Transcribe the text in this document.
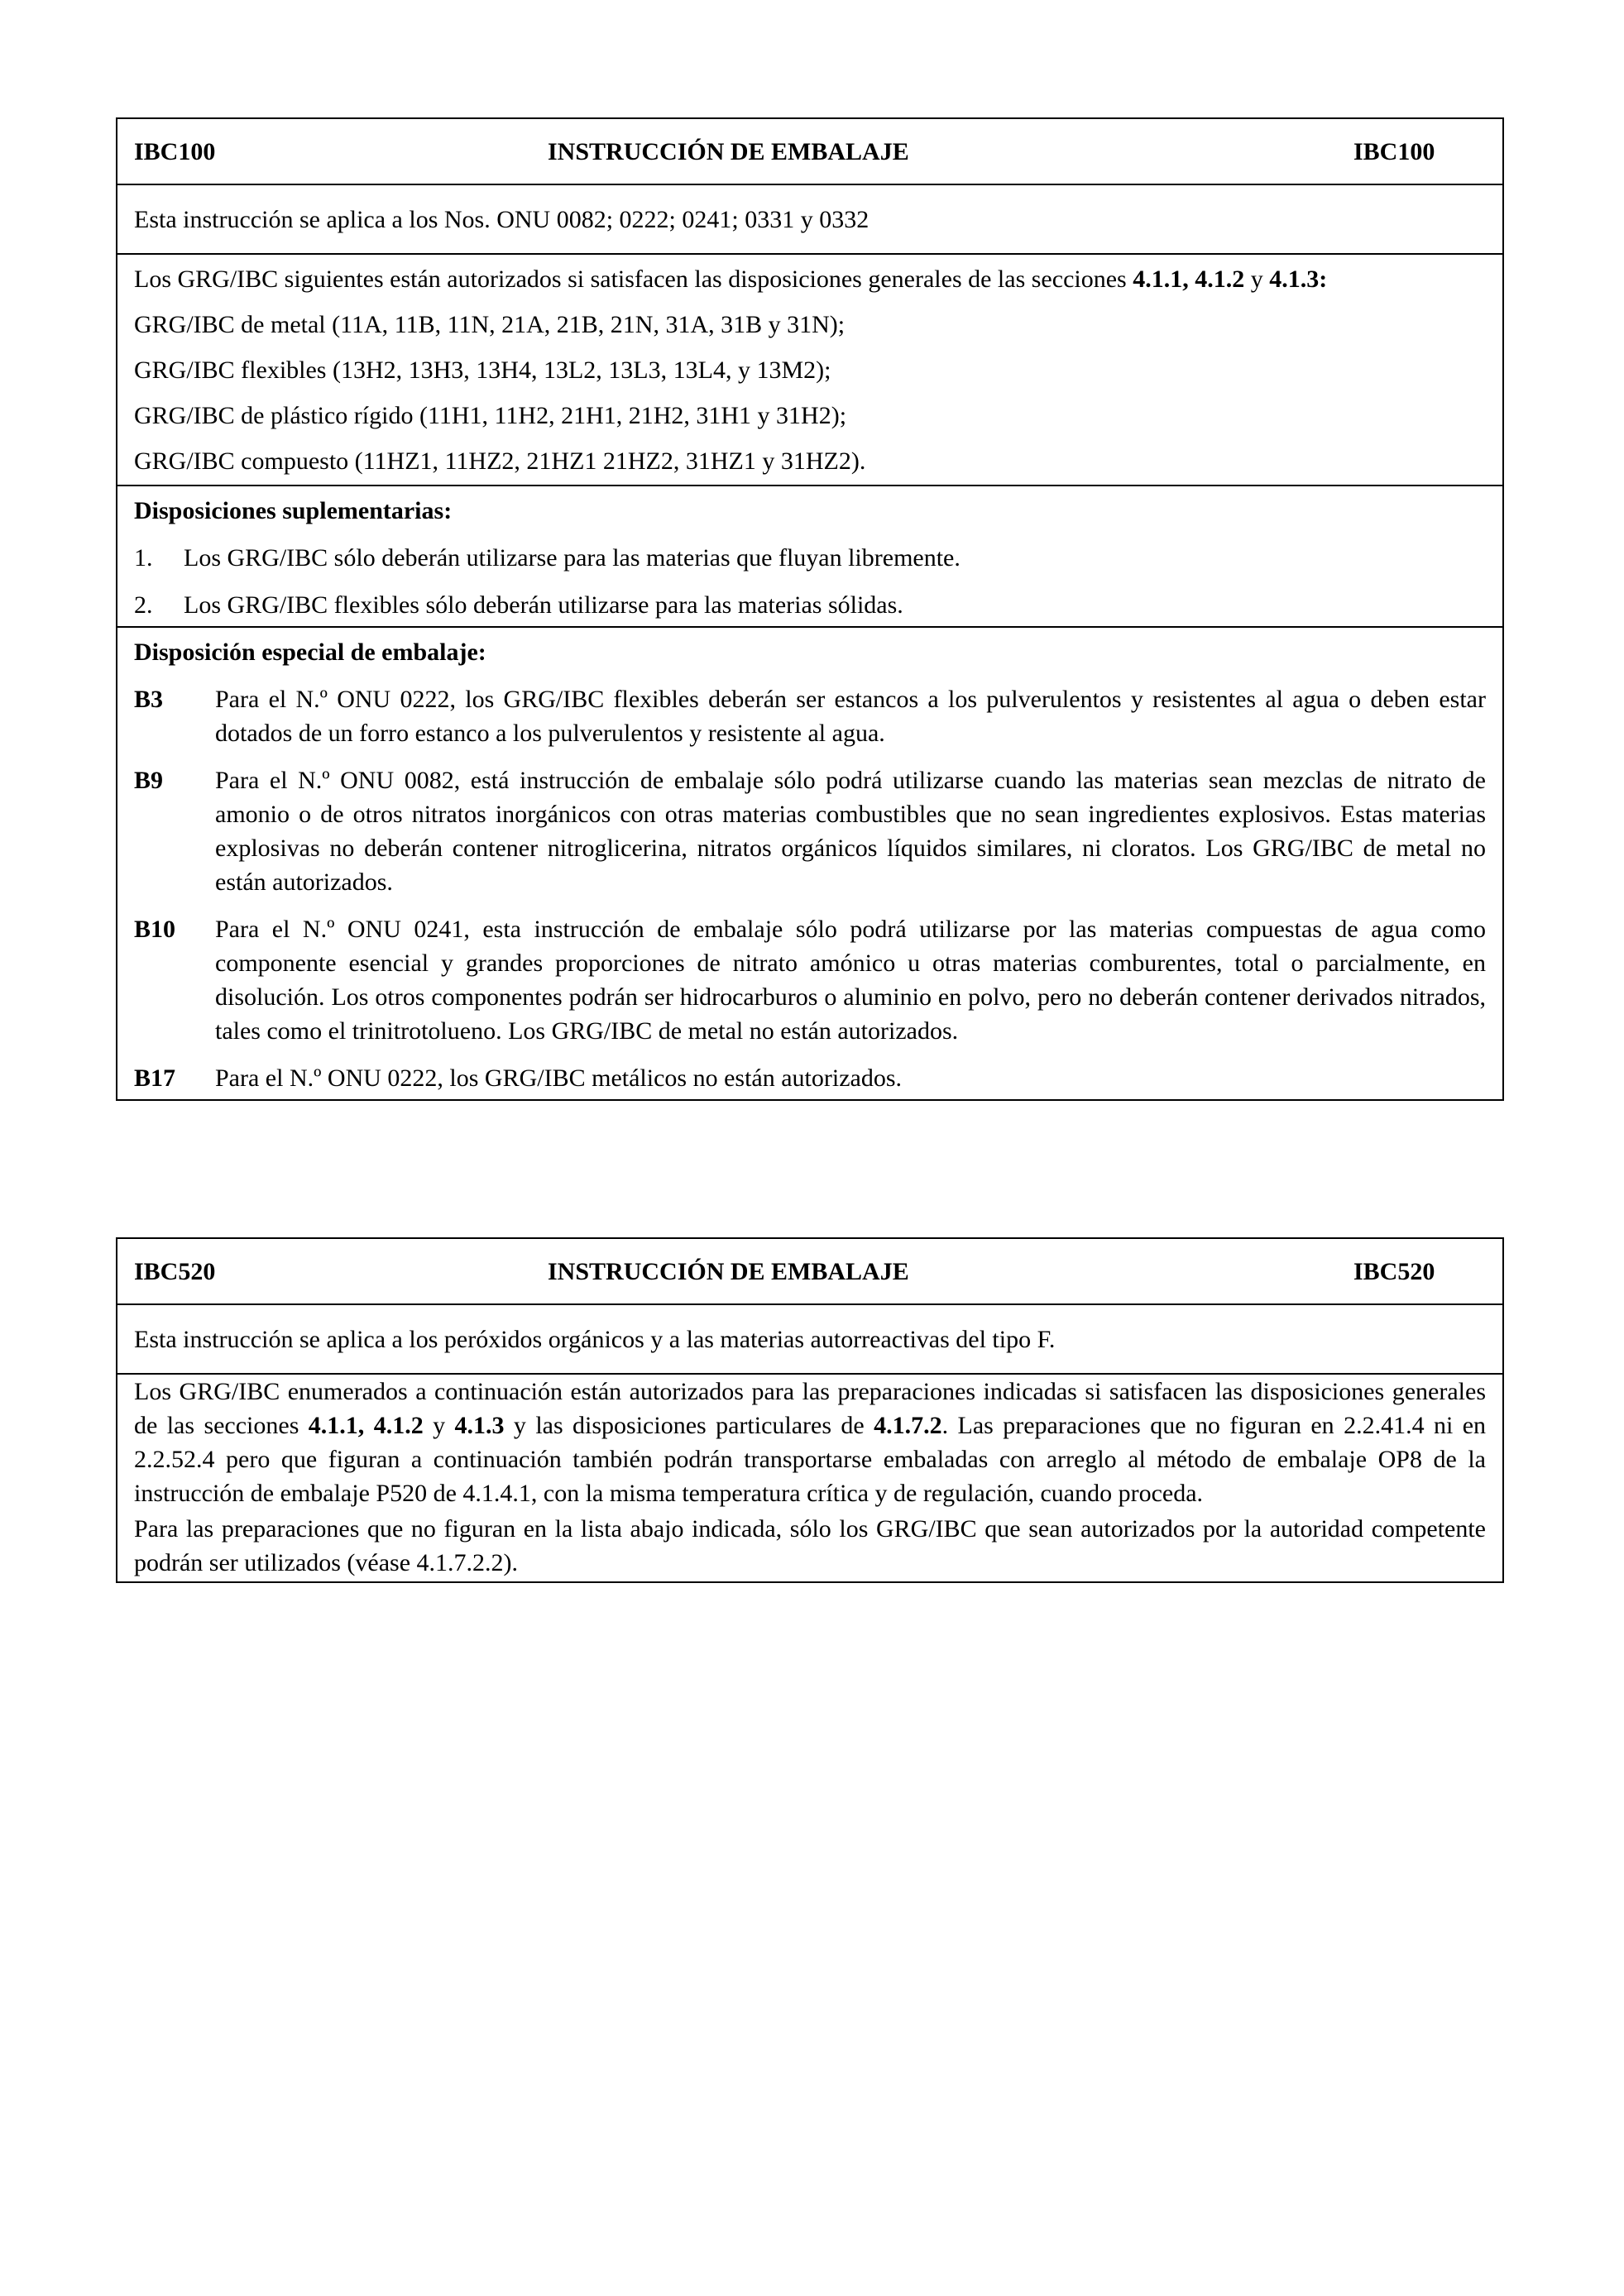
IBC100	INSTRUCCIÓN DE EMBALAJE	IBC100
Esta instrucción se aplica a los Nos. ONU 0082; 0222; 0241; 0331 y 0332
Los GRG/IBC siguientes están autorizados si satisfacen las disposiciones generales de las secciones 4.1.1, 4.1.2 y 4.1.3:
GRG/IBC de metal (11A, 11B, 11N, 21A, 21B, 21N, 31A, 31B y 31N);
GRG/IBC flexibles (13H2, 13H3, 13H4, 13L2, 13L3, 13L4, y 13M2);
GRG/IBC de plástico rígido (11H1, 11H2, 21H1, 21H2, 31H1 y 31H2);
GRG/IBC compuesto (11HZ1, 11HZ2, 21HZ1 21HZ2, 31HZ1 y 31HZ2).
Disposiciones suplementarias:
1.	Los GRG/IBC sólo deberán utilizarse para las materias que fluyan libremente.
2.	Los GRG/IBC flexibles sólo deberán utilizarse para las materias sólidas.
Disposición especial de embalaje:
B3	Para el N.º ONU 0222, los GRG/IBC flexibles deberán ser estancos a los pulverulentos y resistentes al agua o deben estar dotados de un forro estanco a los pulverulentos y resistente al agua.
B9	Para el N.º ONU 0082, está instrucción de embalaje sólo podrá utilizarse cuando las materias sean mezclas de nitrato de amonio o de otros nitratos inorgánicos con otras materias combustibles que no sean ingredientes explosivos. Estas materias explosivas no deberán contener nitroglicerina, nitratos orgánicos líquidos similares, ni cloratos. Los GRG/IBC de metal no están autorizados.
B10	Para el N.º ONU 0241, esta instrucción de embalaje sólo podrá utilizarse por las materias compuestas de agua como componente esencial y grandes proporciones de nitrato amónico u otras materias comburentes, total o parcialmente, en disolución. Los otros componentes podrán ser hidrocarburos o aluminio en polvo, pero no deberán contener derivados nitrados, tales como el trinitrotolueno. Los GRG/IBC de metal no están autorizados.
B17	Para el N.º ONU 0222, los GRG/IBC metálicos no están autorizados.
IBC520	INSTRUCCIÓN DE EMBALAJE	IBC520
Esta instrucción se aplica a los peróxidos orgánicos y a las materias autorreactivas del tipo F.
Los GRG/IBC enumerados a continuación están autorizados para las preparaciones indicadas si satisfacen las disposiciones generales de las secciones 4.1.1, 4.1.2 y 4.1.3 y las disposiciones particulares de 4.1.7.2. Las preparaciones que no figuran en 2.2.41.4 ni en 2.2.52.4 pero que figuran a continuación también podrán transportarse embaladas con arreglo al método de embalaje OP8 de la instrucción de embalaje P520 de 4.1.4.1, con la misma temperatura crítica y de regulación, cuando proceda.
Para las preparaciones que no figuran en la lista abajo indicada, sólo los GRG/IBC que sean autorizados por la autoridad competente podrán ser utilizados (véase 4.1.7.2.2).
